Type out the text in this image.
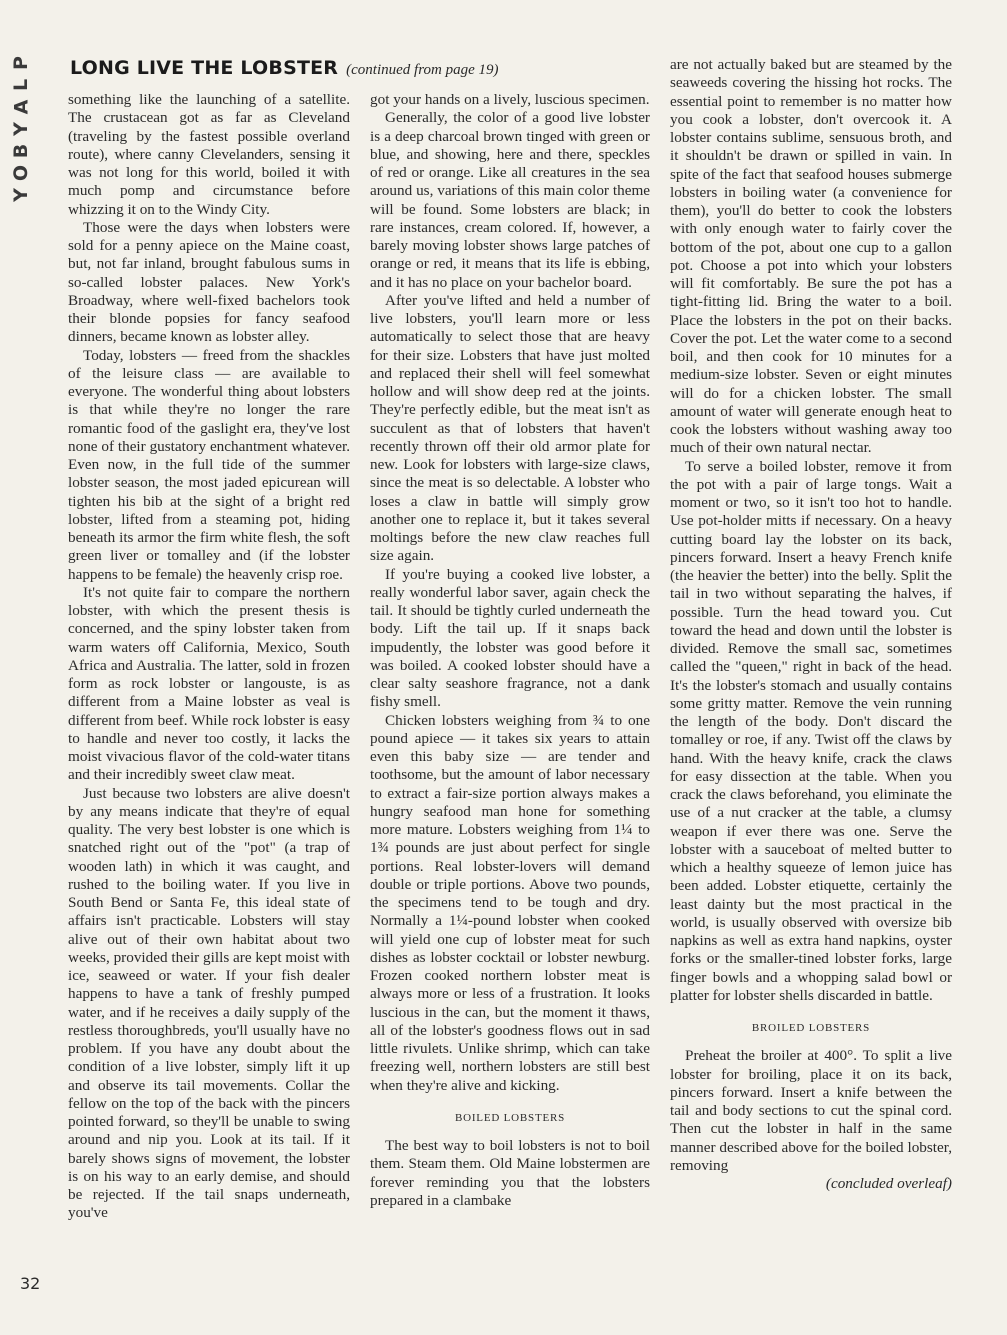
P
L
A
Y
B
O
Y
LONG LIVE THE LOBSTER (continued from page 19)

something like the launching of a satellite. The crustacean got as far as Cleveland (traveling by the fastest possible overland route), where canny Clevelanders, sensing it was not long for this world, boiled it with much pomp and circumstance before whizzing it on to the Windy City.

Those were the days when lobsters were sold for a penny apiece on the Maine coast, but, not far inland, brought fabulous sums in so-called lobster palaces. New York's Broadway, where well-fixed bachelors took their blonde popsies for fancy seafood dinners, became known as lobster alley.

Today, lobsters — freed from the shackles of the leisure class — are available to everyone. The wonderful thing about lobsters is that while they're no longer the rare romantic food of the gaslight era, they've lost none of their gustatory enchantment whatever. Even now, in the full tide of the summer lobster season, the most jaded epicurean will tighten his bib at the sight of a bright red lobster, lifted from a steaming pot, hiding beneath its armor the firm white flesh, the soft green liver or tomalley and (if the lobster happens to be female) the heavenly crisp roe.

It's not quite fair to compare the northern lobster, with which the present thesis is concerned, and the spiny lobster taken from warm waters off California, Mexico, South Africa and Australia. The latter, sold in frozen form as rock lobster or langouste, is as different from a Maine lobster as veal is different from beef. While rock lobster is easy to handle and never too costly, it lacks the moist vivacious flavor of the cold-water titans and their incredibly sweet claw meat.

Just because two lobsters are alive doesn't by any means indicate that they're of equal quality. The very best lobster is one which is snatched right out of the "pot" (a trap of wooden lath) in which it was caught, and rushed to the boiling water. If you live in South Bend or Santa Fe, this ideal state of affairs isn't practicable. Lobsters will stay alive out of their own habitat about two weeks, provided their gills are kept moist with ice, seaweed or water. If your fish dealer happens to have a tank of freshly pumped water, and if he receives a daily supply of the restless thoroughbreds, you'll usually have no problem. If you have any doubt about the condition of a live lobster, simply lift it up and observe its tail movements. Collar the fellow on the top of the back with the pincers pointed forward, so they'll be unable to swing around and nip you. Look at its tail. If it barely shows signs of movement, the lobster is on his way to an early demise, and should be rejected. If the tail snaps underneath, you've

got your hands on a lively, luscious specimen.

Generally, the color of a good live lobster is a deep charcoal brown tinged with green or blue, and showing, here and there, speckles of red or orange. Like all creatures in the sea around us, variations of this main color theme will be found. Some lobsters are black; in rare instances, cream colored. If, however, a barely moving lobster shows large patches of orange or red, it means that its life is ebbing, and it has no place on your bachelor board.

After you've lifted and held a number of live lobsters, you'll learn more or less automatically to select those that are heavy for their size. Lobsters that have just molted and replaced their shell will feel somewhat hollow and will show deep red at the joints. They're perfectly edible, but the meat isn't as succulent as that of lobsters that haven't recently thrown off their old armor plate for new. Look for lobsters with large-size claws, since the meat is so delectable. A lobster who loses a claw in battle will simply grow another one to replace it, but it takes several moltings before the new claw reaches full size again.

If you're buying a cooked live lobster, a really wonderful labor saver, again check the tail. It should be tightly curled underneath the body. Lift the tail up. If it snaps back impudently, the lobster was good before it was boiled. A cooked lobster should have a clear salty seashore fragrance, not a dank fishy smell.

Chicken lobsters weighing from ¾ to one pound apiece — it takes six years to attain even this baby size — are tender and toothsome, but the amount of labor necessary to extract a fair-size portion always makes a hungry seafood man hone for something more mature. Lobsters weighing from 1¼ to 1¾ pounds are just about perfect for single portions. Real lobster-lovers will demand double or triple portions. Above two pounds, the specimens tend to be tough and dry. Normally a 1¼-pound lobster when cooked will yield one cup of lobster meat for such dishes as lobster cocktail or lobster newburg. Frozen cooked northern lobster meat is always more or less of a frustration. It looks luscious in the can, but the moment it thaws, all of the lobster's goodness flows out in sad little rivulets. Unlike shrimp, which can take freezing well, northern lobsters are still best when they're alive and kicking.

BOILED LOBSTERS

The best way to boil lobsters is not to boil them. Steam them. Old Maine lobstermen are forever reminding you that the lobsters prepared in a clambake

are not actually baked but are steamed by the seaweeds covering the hissing hot rocks. The essential point to remember is no matter how you cook a lobster, don't overcook it. A lobster contains sublime, sensuous broth, and it shouldn't be drawn or spilled in vain. In spite of the fact that seafood houses submerge lobsters in boiling water (a convenience for them), you'll do better to cook the lobsters with only enough water to fairly cover the bottom of the pot, about one cup to a gallon pot. Choose a pot into which your lobsters will fit comfortably. Be sure the pot has a tight-fitting lid. Bring the water to a boil. Place the lobsters in the pot on their backs. Cover the pot. Let the water come to a second boil, and then cook for 10 minutes for a medium-size lobster. Seven or eight minutes will do for a chicken lobster. The small amount of water will generate enough heat to cook the lobsters without washing away too much of their own natural nectar.

To serve a boiled lobster, remove it from the pot with a pair of large tongs. Wait a moment or two, so it isn't too hot to handle. Use pot-holder mitts if necessary. On a heavy cutting board lay the lobster on its back, pincers forward. Insert a heavy French knife (the heavier the better) into the belly. Split the tail in two without separating the halves, if possible. Turn the head toward you. Cut toward the head and down until the lobster is divided. Remove the small sac, sometimes called the "queen," right in back of the head. It's the lobster's stomach and usually contains some gritty matter. Remove the vein running the length of the body. Don't discard the tomalley or roe, if any. Twist off the claws by hand. With the heavy knife, crack the claws for easy dissection at the table. When you crack the claws beforehand, you eliminate the use of a nut cracker at the table, a clumsy weapon if ever there was one. Serve the lobster with a sauceboat of melted butter to which a healthy squeeze of lemon juice has been added. Lobster etiquette, certainly the least dainty but the most practical in the world, is usually observed with oversize bib napkins as well as extra hand napkins, oyster forks or the smaller-tined lobster forks, large finger bowls and a whopping salad bowl or platter for lobster shells discarded in battle.

BROILED LOBSTERS

Preheat the broiler at 400°. To split a live lobster for broiling, place it on its back, pincers forward. Insert a knife between the tail and body sections to cut the spinal cord. Then cut the lobster in half in the same manner described above for the boiled lobster, removing

(concluded overleaf)

32
